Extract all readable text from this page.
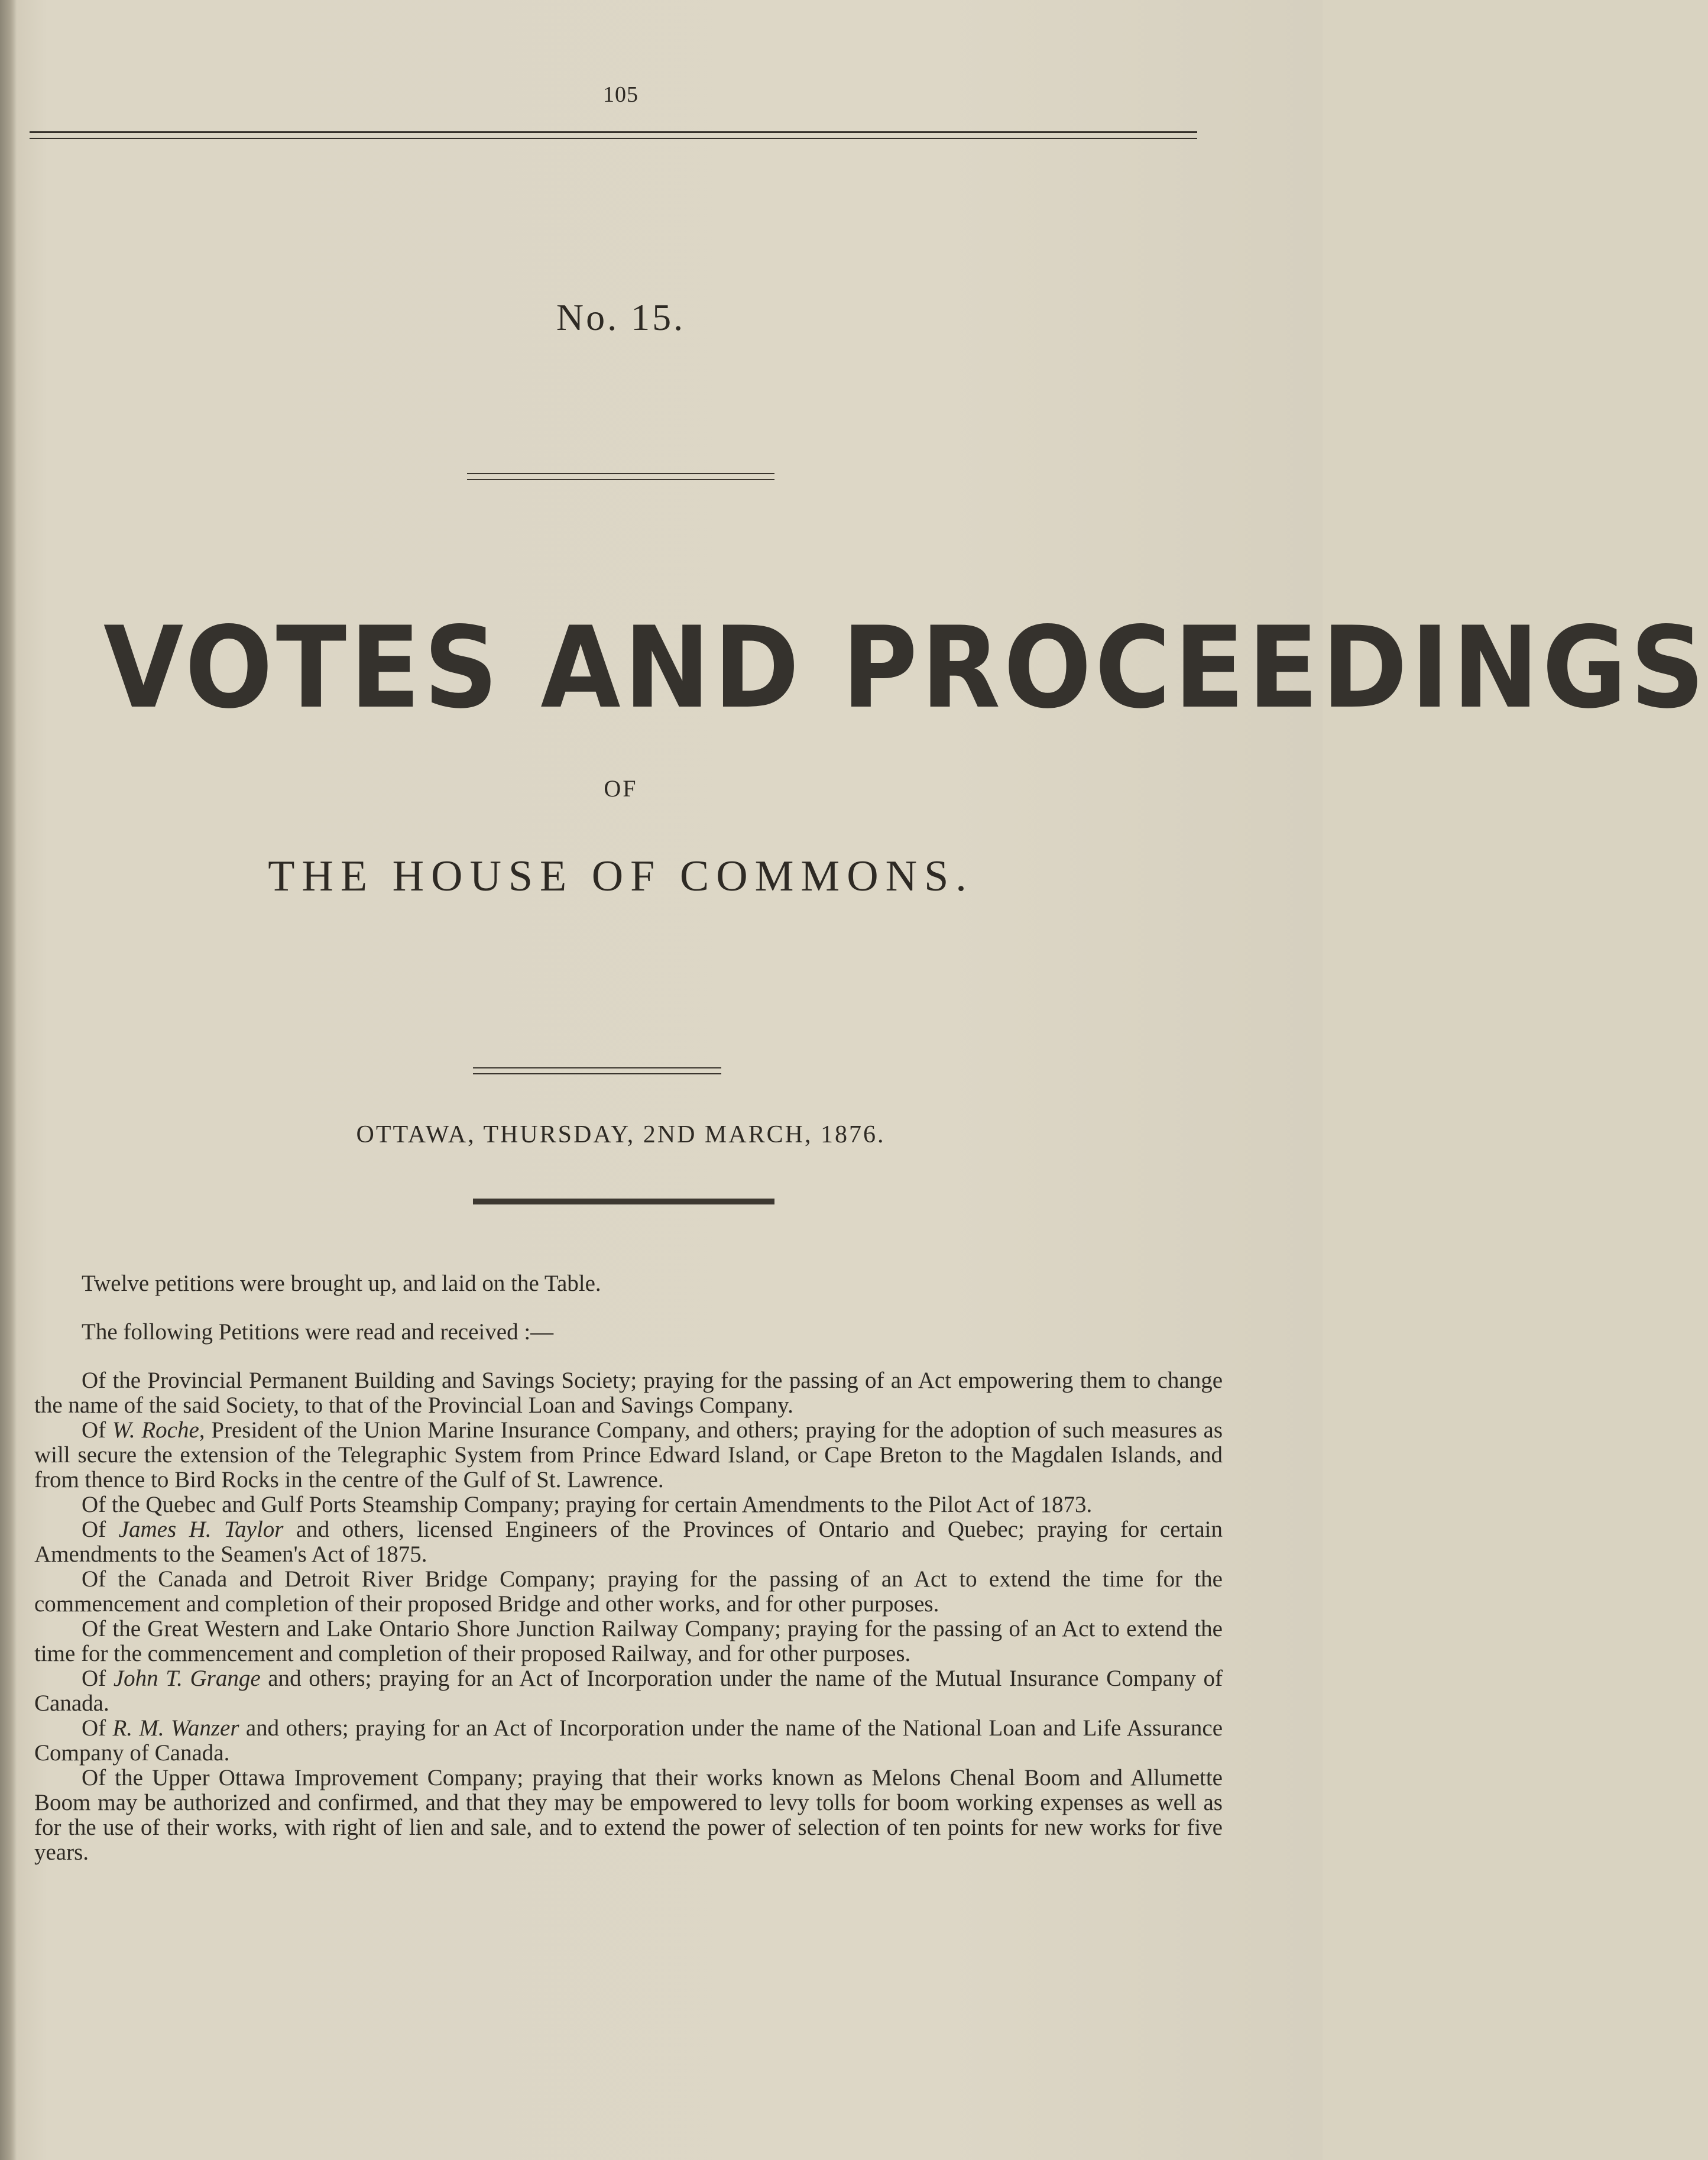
105
No. 15.
VOTES AND PROCEEDINGS
OF
THE HOUSE OF COMMONS.
OTTAWA, THURSDAY, 2ND MARCH, 1876.

Twelve petitions were brought up, and laid on the Table.

The following Petitions were read and received :—

Of the Provincial Permanent Building and Savings Society; praying for the passing of an Act empowering them to change the name of the said Society, to that of the Provincial Loan and Savings Company.

Of W. Roche, President of the Union Marine Insurance Company, and others; praying for the adoption of such measures as will secure the extension of the Telegraphic System from Prince Edward Island, or Cape Breton to the Magdalen Islands, and from thence to Bird Rocks in the centre of the Gulf of St. Lawrence.

Of the Quebec and Gulf Ports Steamship Company; praying for certain Amendments to the Pilot Act of 1873.

Of James H. Taylor and others, licensed Engineers of the Provinces of Ontario and Quebec; praying for certain Amendments to the Seamen's Act of 1875.

Of the Canada and Detroit River Bridge Company; praying for the passing of an Act to extend the time for the commencement and completion of their proposed Bridge and other works, and for other purposes.

Of the Great Western and Lake Ontario Shore Junction Railway Company; praying for the passing of an Act to extend the time for the commencement and completion of their proposed Railway, and for other purposes.

Of John T. Grange and others; praying for an Act of Incorporation under the name of the Mutual Insurance Company of Canada.

Of R. M. Wanzer and others; praying for an Act of Incorporation under the name of the National Loan and Life Assurance Company of Canada.

Of the Upper Ottawa Improvement Company; praying that their works known as Melons Chenal Boom and Allumette Boom may be authorized and confirmed, and that they may be empowered to levy tolls for boom working expenses as well as for the use of their works, with right of lien and sale, and to extend the power of selection of ten points for new works for five years.
